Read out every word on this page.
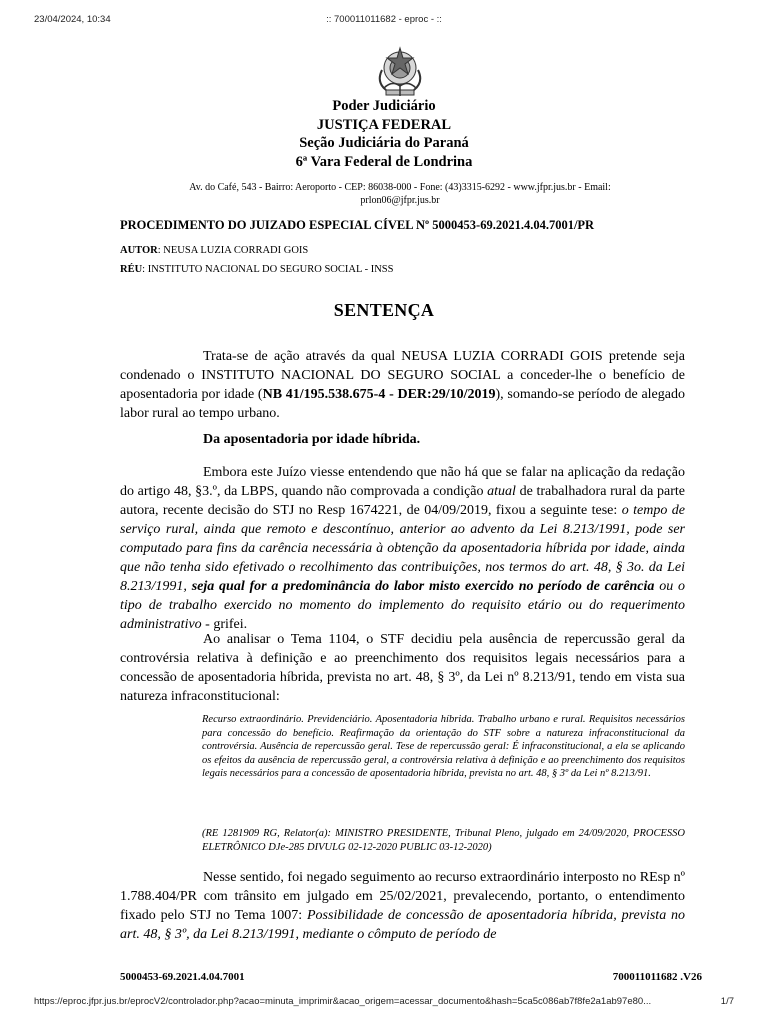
23/04/2024, 10:34	:: 700011011682 - eproc - ::
Poder Judiciário
JUSTIÇA FEDERAL
Seção Judiciária do Paraná
6ª Vara Federal de Londrina
Av. do Café, 543 - Bairro: Aeroporto - CEP: 86038-000 - Fone: (43)3315-6292 - www.jfpr.jus.br - Email: prlon06@jfpr.jus.br
PROCEDIMENTO DO JUIZADO ESPECIAL CÍVEL Nº 5000453-69.2021.4.04.7001/PR
AUTOR: NEUSA LUZIA CORRADI GOIS
RÉU: INSTITUTO NACIONAL DO SEGURO SOCIAL - INSS
SENTENÇA
Trata-se de ação através da qual NEUSA LUZIA CORRADI GOIS pretende seja condenado o INSTITUTO NACIONAL DO SEGURO SOCIAL a conceder-lhe o benefício de aposentadoria por idade (NB 41/195.538.675-4 - DER:29/10/2019), somando-se período de alegado labor rural ao tempo urbano.
Da aposentadoria por idade híbrida.
Embora este Juízo viesse entendendo que não há que se falar na aplicação da redação do artigo 48, §3.º, da LBPS, quando não comprovada a condição atual de trabalhadora rural da parte autora, recente decisão do STJ no Resp 1674221, de 04/09/2019, fixou a seguinte tese: o tempo de serviço rural, ainda que remoto e descontínuo, anterior ao advento da Lei 8.213/1991, pode ser computado para fins da carência necessária à obtenção da aposentadoria híbrida por idade, ainda que não tenha sido efetivado o recolhimento das contribuições, nos termos do art. 48, § 3o. da Lei 8.213/1991, seja qual for a predominância do labor misto exercido no período de carência ou o tipo de trabalho exercido no momento do implemento do requisito etário ou do requerimento administrativo - grifei.
Ao analisar o Tema 1104, o STF decidiu pela ausência de repercussão geral da controvérsia relativa à definição e ao preenchimento dos requisitos legais necessários para a concessão de aposentadoria híbrida, prevista no art. 48, § 3º, da Lei nº 8.213/91, tendo em vista sua natureza infraconstitucional:
Recurso extraordinário. Previdenciário. Aposentadoria híbrida. Trabalho urbano e rural. Requisitos necessários para concessão do benefício. Reafirmação da orientação do STF sobre a natureza infraconstitucional da controvérsia. Ausência de repercussão geral. Tese de repercussão geral: É infraconstitucional, a ela se aplicando os efeitos da ausência de repercussão geral, a controvérsia relativa à definição e ao preenchimento dos requisitos legais necessários para a concessão de aposentadoria híbrida, prevista no art. 48, § 3º da Lei nº 8.213/91.
(RE 1281909 RG, Relator(a): MINISTRO PRESIDENTE, Tribunal Pleno, julgado em 24/09/2020, PROCESSO ELETRÔNICO DJe-285 DIVULG 02-12-2020 PUBLIC 03-12-2020)
Nesse sentido, foi negado seguimento ao recurso extraordinário interposto no REsp nº 1.788.404/PR com trânsito em julgado em 25/02/2021, prevalecendo, portanto, o entendimento fixado pelo STJ no Tema 1007: Possibilidade de concessão de aposentadoria híbrida, prevista no art. 48, § 3º, da Lei 8.213/1991, mediante o cômputo de período de
5000453-69.2021.4.04.7001	700011011682 .V26
https://eproc.jfpr.jus.br/eprocV2/controlador.php?acao=minuta_imprimir&acao_origem=acessar_documento&hash=5ca5c086ab7f8fe2a1ab97e80...	1/7
